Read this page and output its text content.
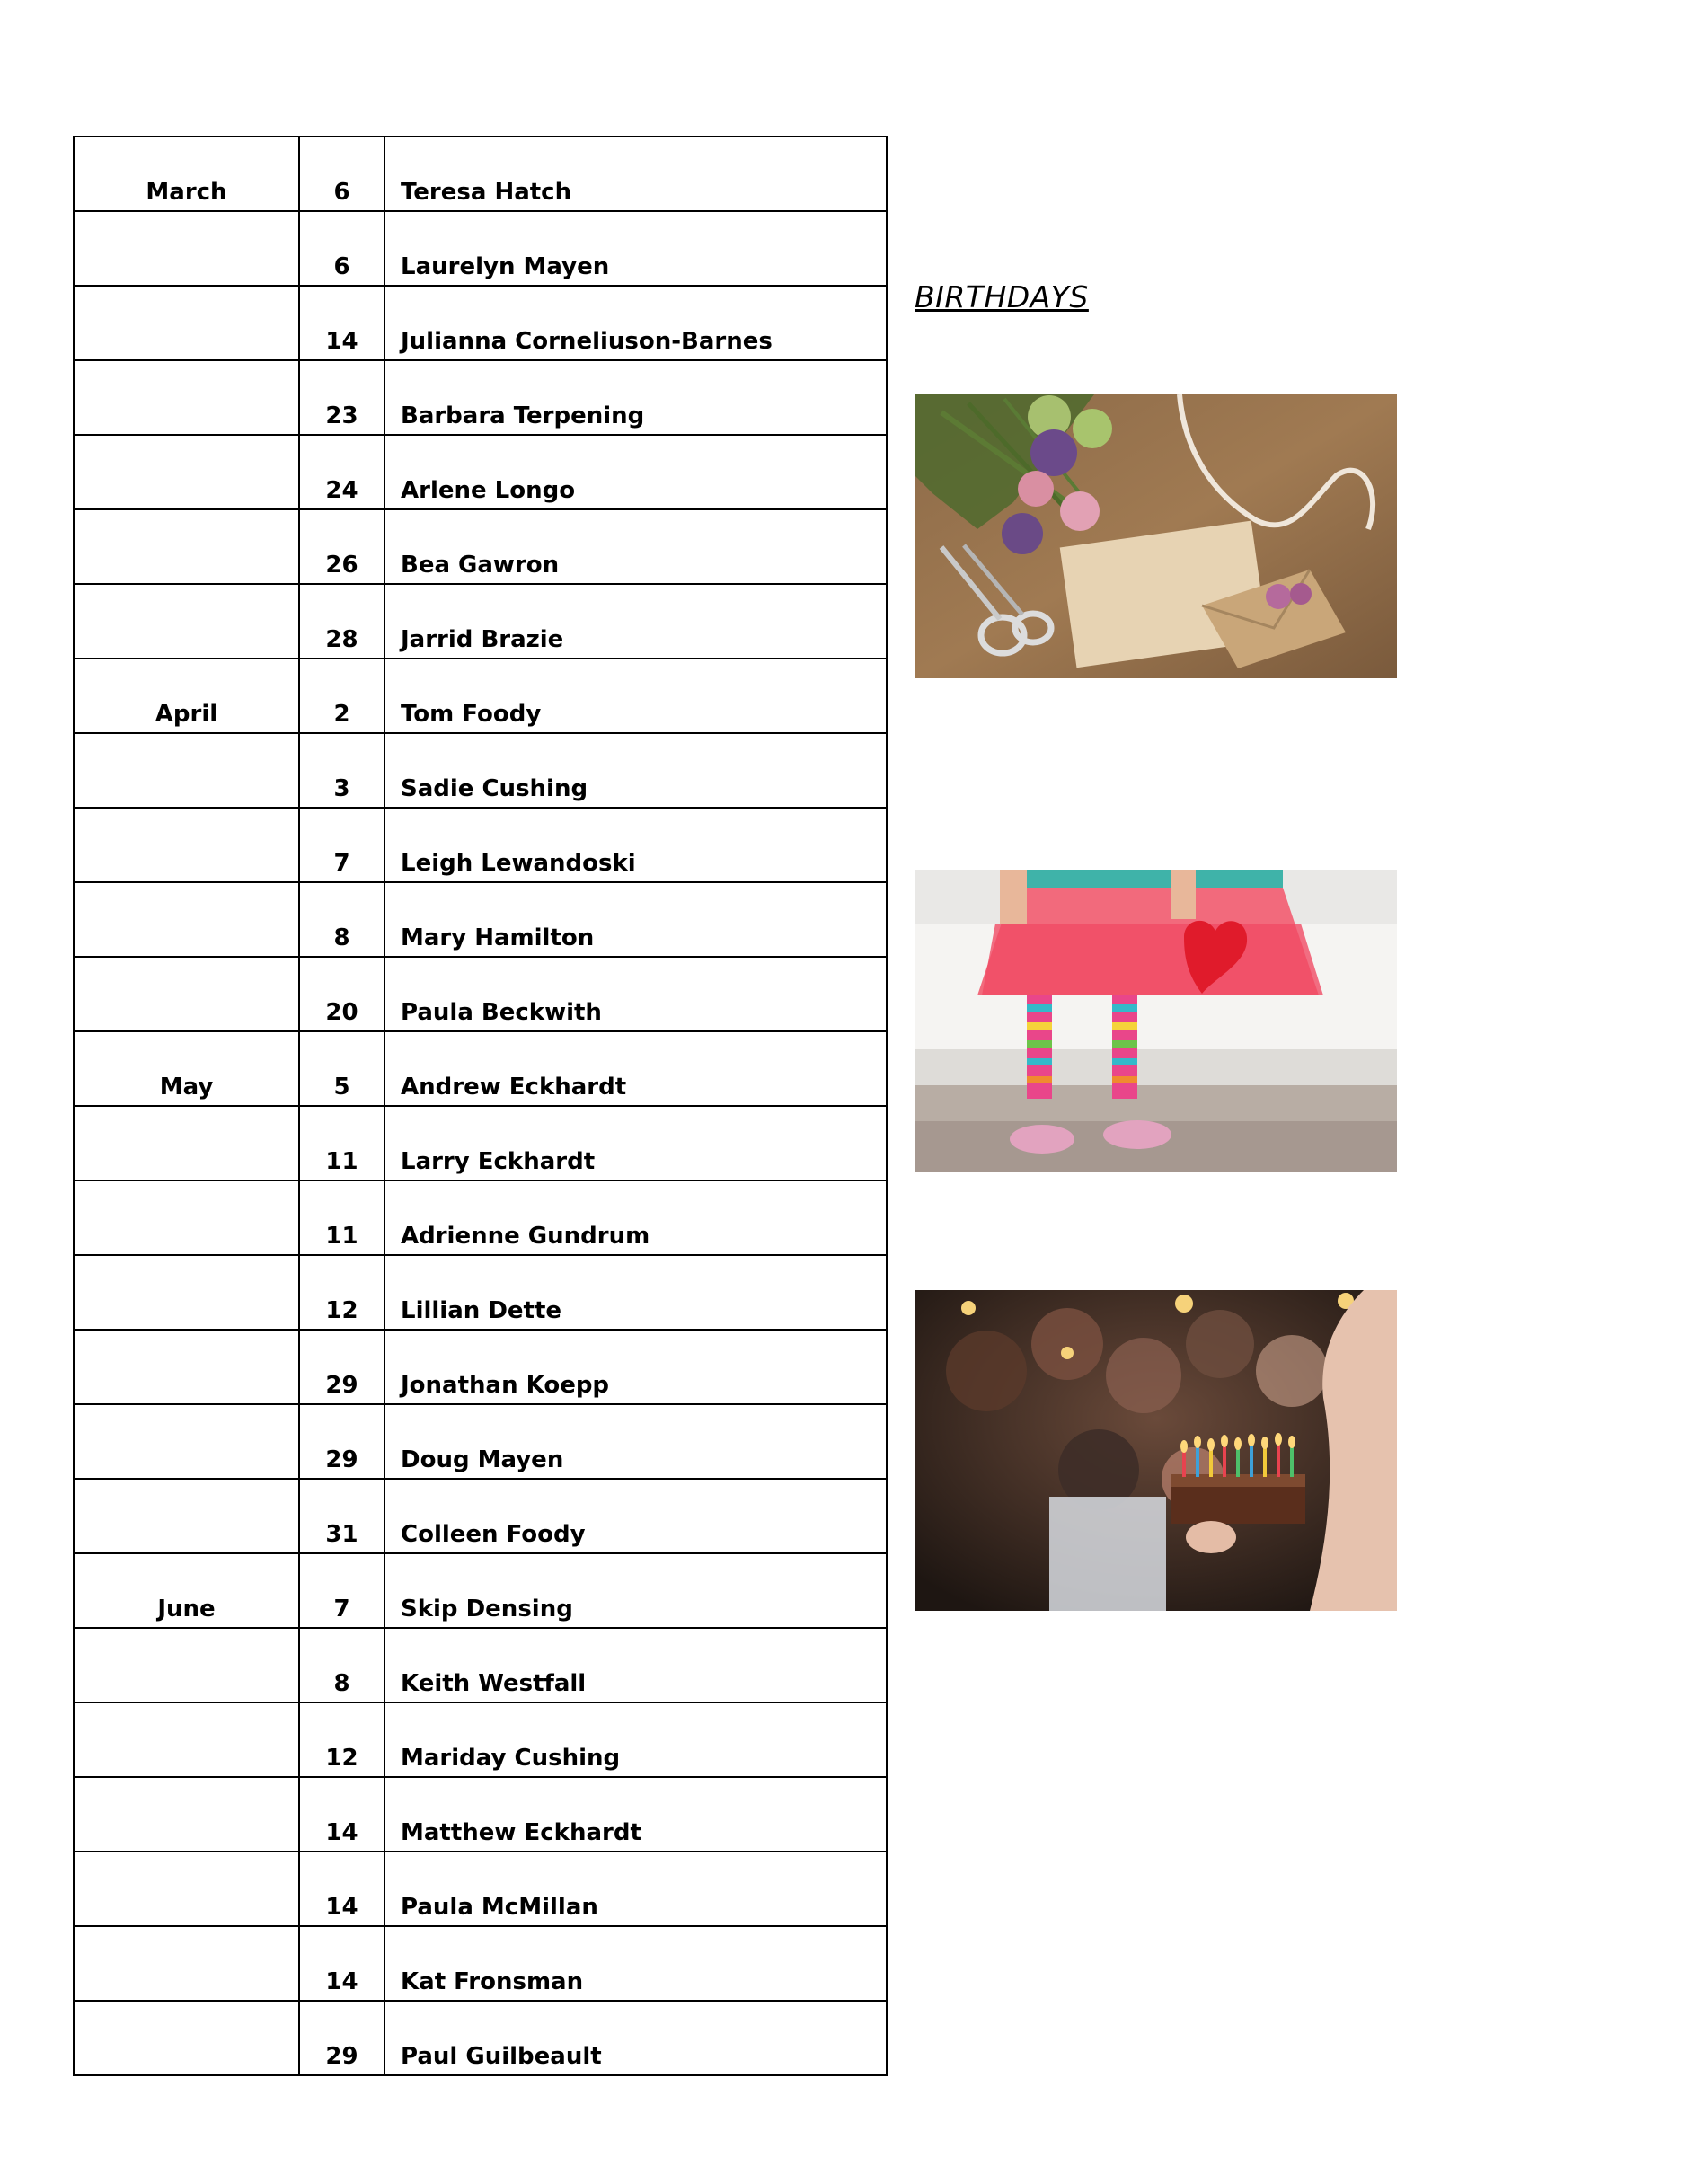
March	6	Teresa Hatch
	6	Laurelyn Mayen
	14	Julianna Corneliuson-Barnes
	23	Barbara Terpening
	24	Arlene Longo
	26	Bea Gawron
	28	Jarrid Brazie
April	2	Tom Foody
	3	Sadie Cushing
	7	Leigh Lewandoski
	8	Mary Hamilton
	20	Paula Beckwith
May	5	Andrew Eckhardt
	11	Larry Eckhardt
	11	Adrienne Gundrum
	12	Lillian Dette
	29	Jonathan Koepp
	29	Doug Mayen
	31	Colleen Foody
June	7	Skip Densing
	8	Keith Westfall
	12	Mariday Cushing
	14	Matthew Eckhardt
	14	Paula McMillan
	14	Kat Fronsman
	29	Paul Guilbeault
BIRTHDAYS
